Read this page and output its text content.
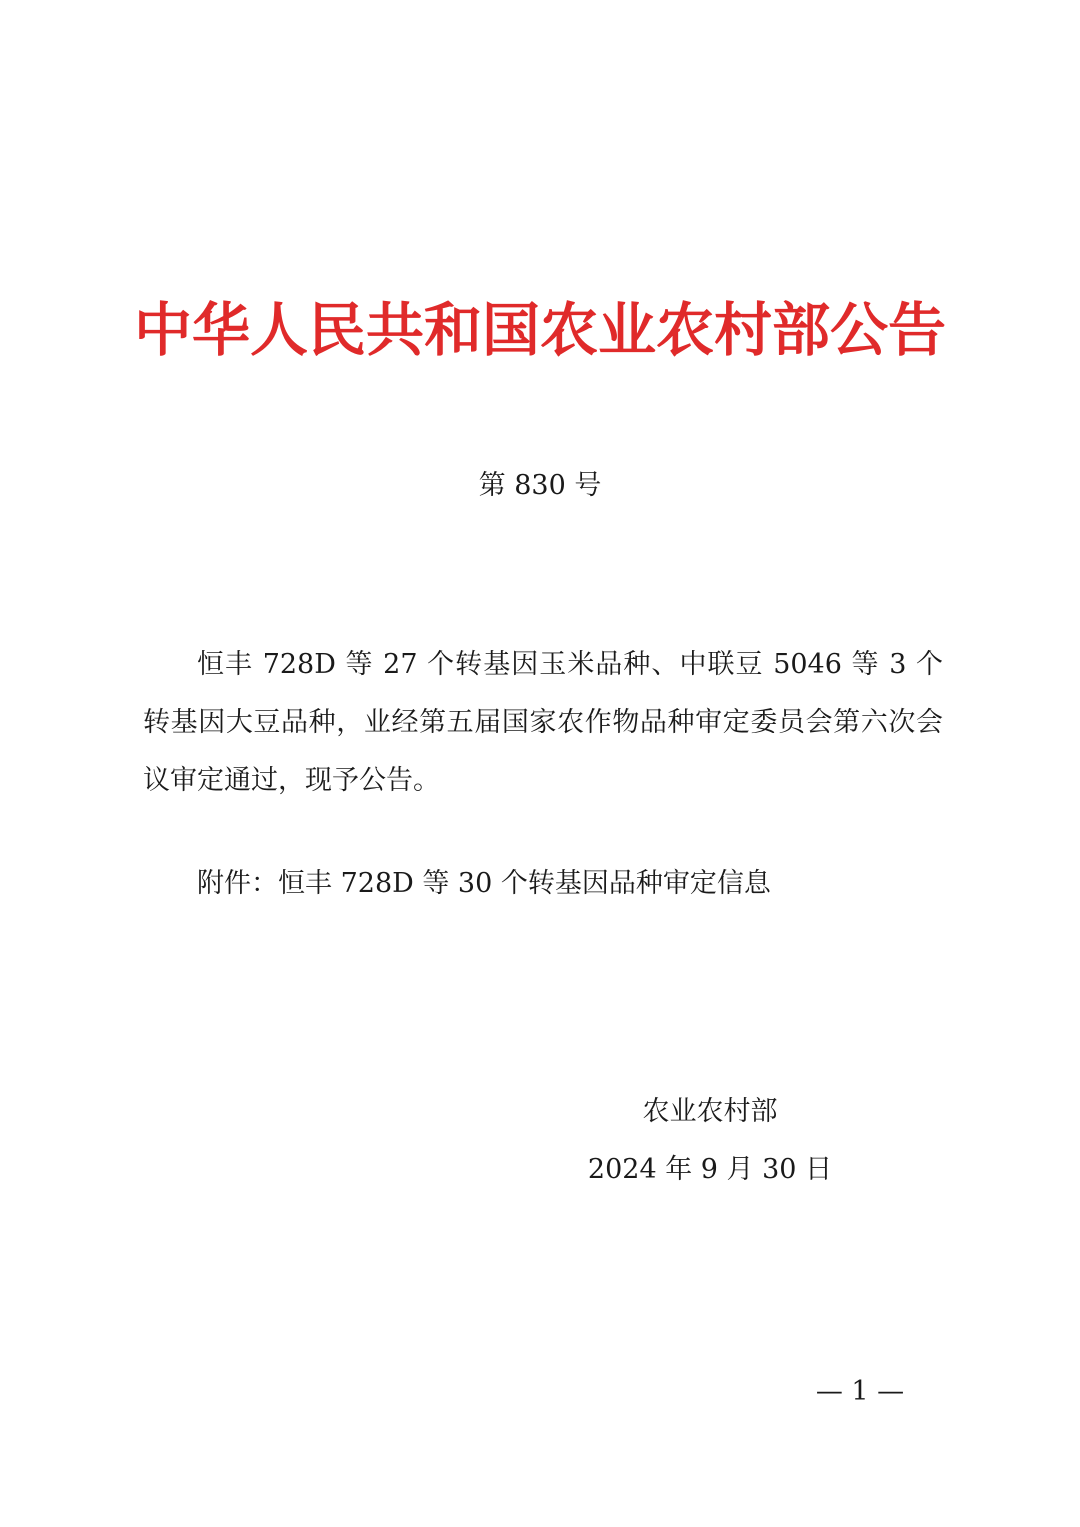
中华人民共和国农业农村部公告
第 830 号

恒丰 728D 等 27 个转基因玉米品种、中联豆 5046 等 3 个转基因大豆品种，业经第五届国家农作物品种审定委员会第六次会议审定通过，现予公告。

附件：恒丰 728D 等 30 个转基因品种审定信息
农业农村部
2024 年 9 月 30 日
— 1 —
